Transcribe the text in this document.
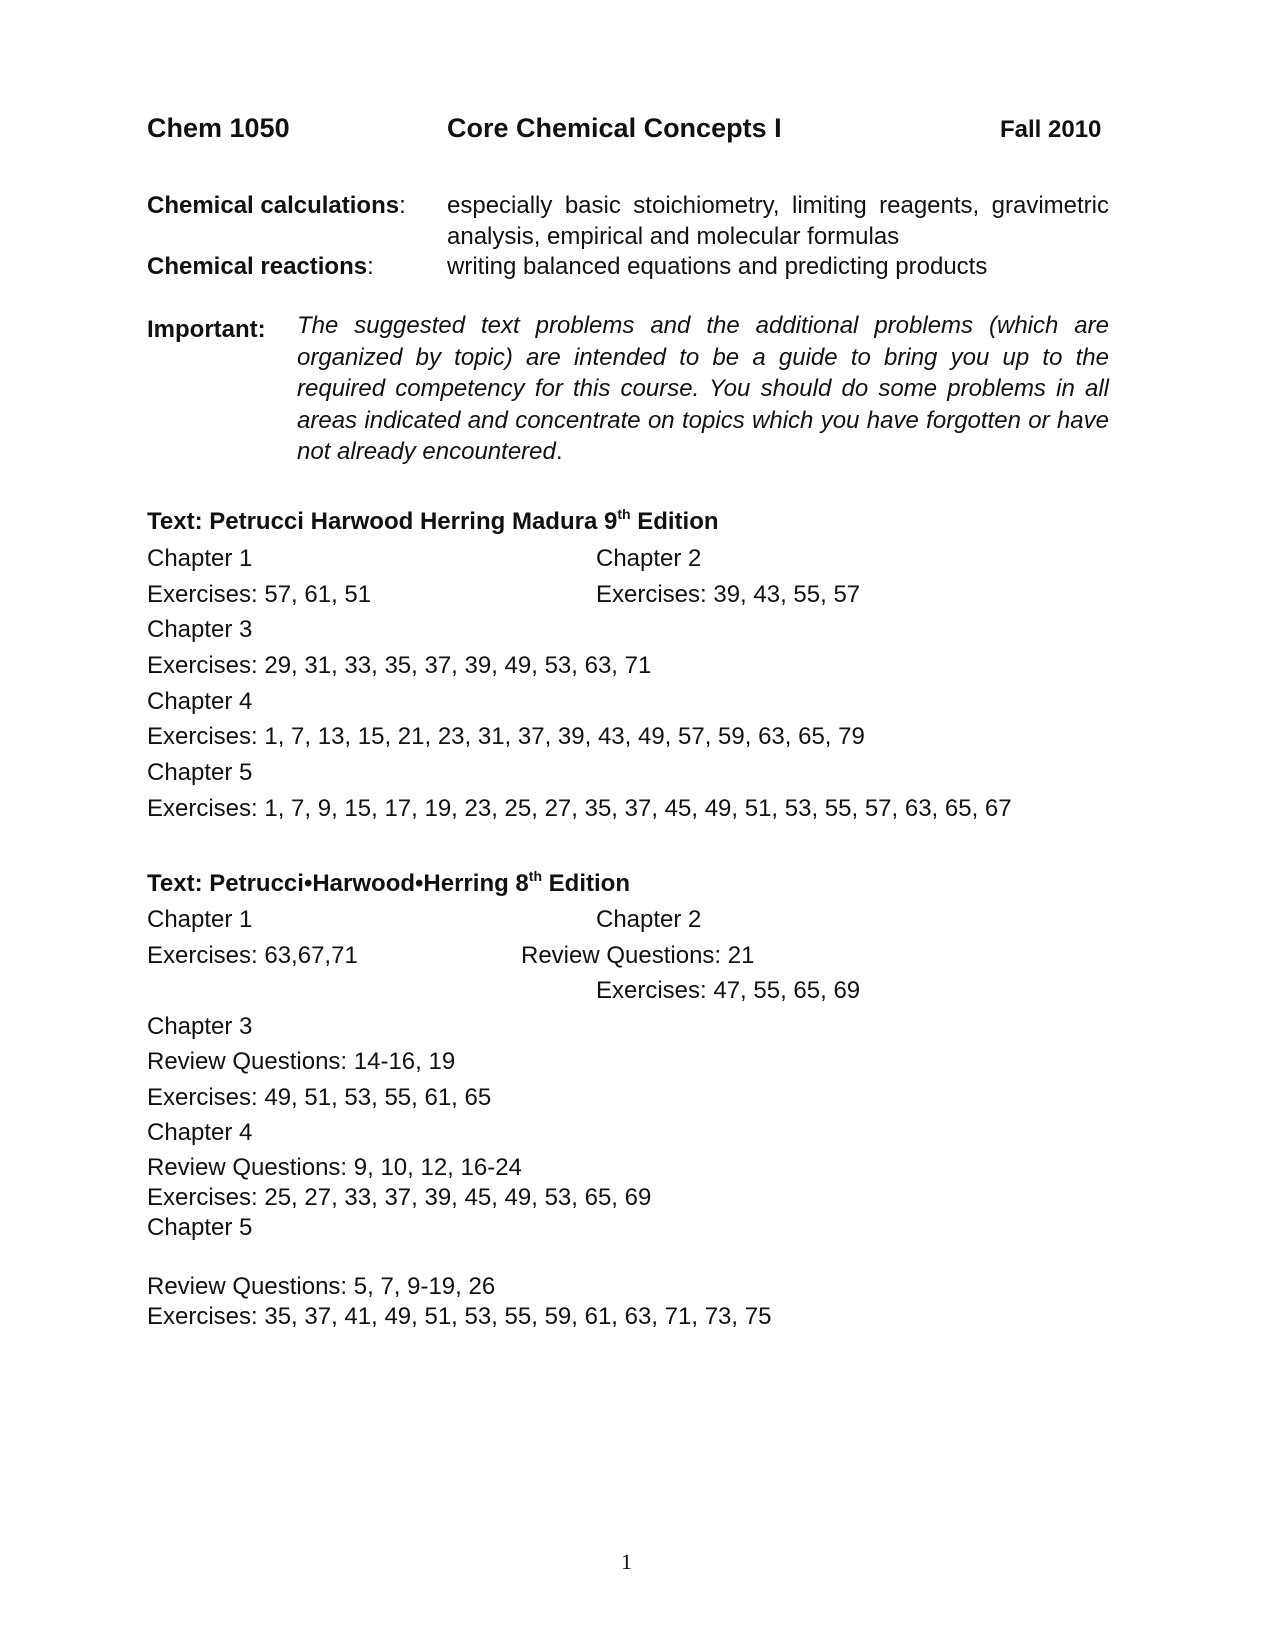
Chem 1050	Core Chemical Concepts I	Fall 2010
Chemical calculations: especially basic stoichiometry, limiting reagents, gravimetric
analysis, empirical and molecular formulas
Chemical reactions:	writing balanced equations and predicting products
Important: The suggested text problems and the additional problems (which are organized by topic) are intended to be a guide to bring you up to the required competency for this course. You should do some problems in all areas indicated and concentrate on topics which you have forgotten or have not already encountered.
Text: Petrucci Harwood Herring Madura 9th Edition
Chapter 1	Chapter 2
Exercises: 57, 61, 51	Exercises: 39, 43, 55, 57
Chapter 3
Exercises: 29, 31, 33, 35, 37, 39, 49, 53, 63, 71
Chapter 4
Exercises: 1, 7, 13, 15, 21, 23, 31, 37, 39, 43, 49, 57, 59, 63, 65, 79
Chapter 5
Exercises: 1, 7, 9, 15, 17, 19, 23, 25, 27, 35, 37, 45, 49, 51, 53, 55, 57, 63, 65, 67
Text: Petrucci•Harwood•Herring 8th Edition
Chapter 1	Chapter 2
Exercises: 63,67,71	Review Questions: 21
Exercises: 47, 55, 65, 69
Chapter 3
Review Questions: 14-16, 19
Exercises: 49, 51, 53, 55, 61, 65
Chapter 4
Review Questions: 9, 10, 12, 16-24
Exercises: 25, 27, 33, 37, 39, 45, 49, 53, 65, 69
Chapter 5
Review Questions: 5, 7, 9-19, 26
Exercises: 35, 37, 41, 49, 51, 53, 55, 59, 61, 63, 71, 73, 75
1
